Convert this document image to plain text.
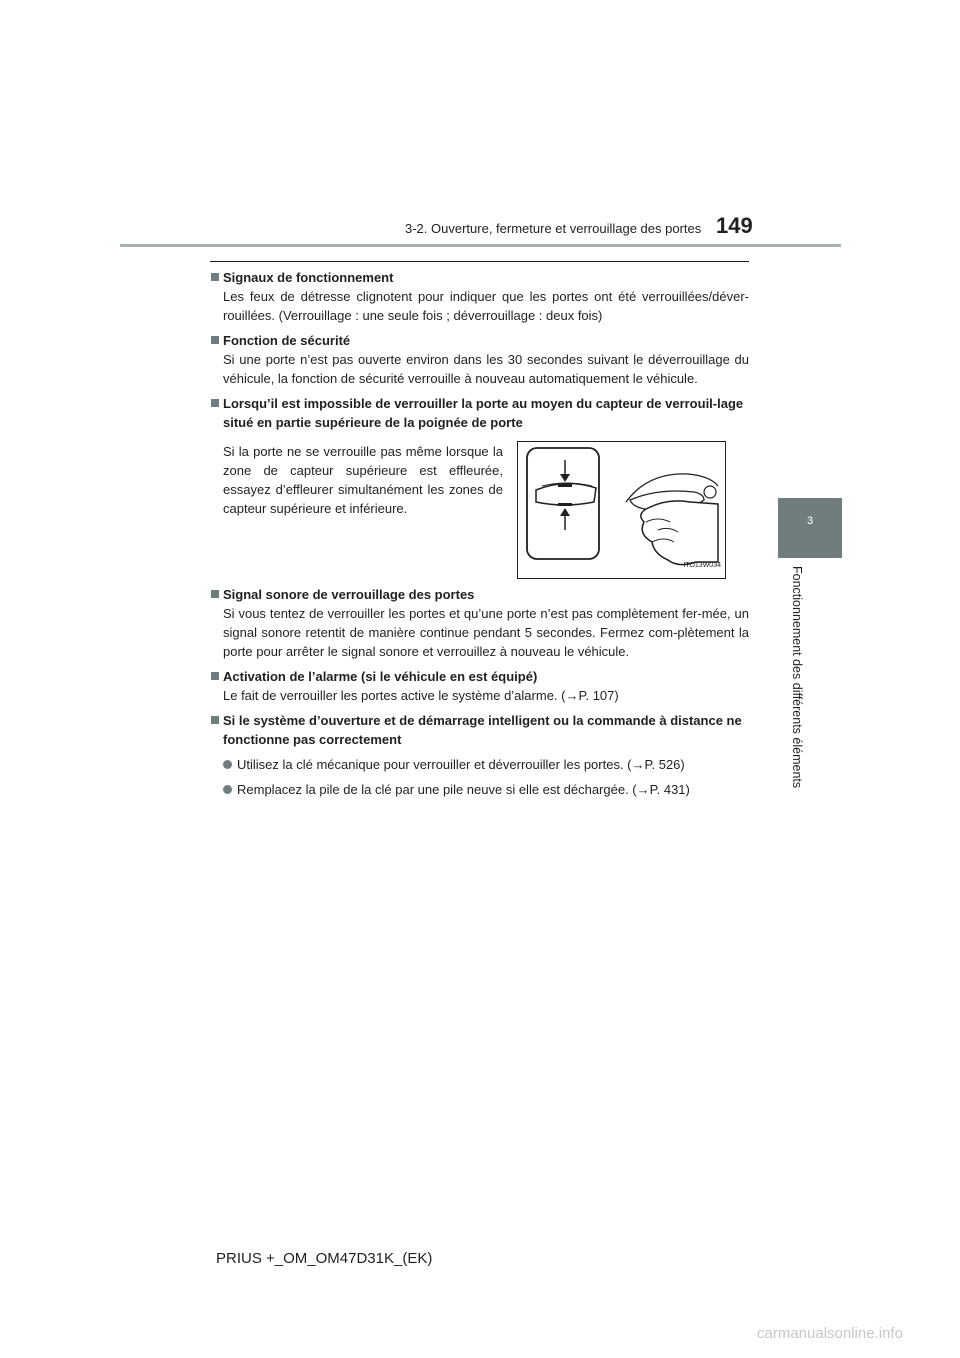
3-2. Ouverture, fermeture et verrouillage des portes 149
3
Fonctionnement des différents éléments
Signaux de fonctionnement
Les feux de détresse clignotent pour indiquer que les portes ont été verrouillées/déver-rouillées. (Verrouillage : une seule fois ; déverrouillage : deux fois)
Fonction de sécurité
Si une porte n’est pas ouverte environ dans les 30 secondes suivant le déverrouillage du véhicule, la fonction de sécurité verrouille à nouveau automatiquement le véhicule.
Lorsqu’il est impossible de verrouiller la porte au moyen du capteur de verrouil-lage situé en partie supérieure de la poignée de porte
Si la porte ne se verrouille pas même lorsque la zone de capteur supérieure est effleurée, essayez d’effleurer simultanément les zones de capteur supérieure et inférieure.
ITO13W034
Signal sonore de verrouillage des portes
Si vous tentez de verrouiller les portes et qu’une porte n’est pas complètement fer-mée, un signal sonore retentit de manière continue pendant 5 secondes. Fermez com-plètement la porte pour arrêter le signal sonore et verrouillez à nouveau le véhicule.
Activation de l’alarme (si le véhicule en est équipé)
Le fait de verrouiller les portes active le système d’alarme. (→P. 107)
Si le système d’ouverture et de démarrage intelligent ou la commande à distance ne fonctionne pas correctement
Utilisez la clé mécanique pour verrouiller et déverrouiller les portes. (→P. 526)
Remplacez la pile de la clé par une pile neuve si elle est déchargée. (→P. 431)
PRIUS +_OM_OM47D31K_(EK)
carmanualsonline.info
